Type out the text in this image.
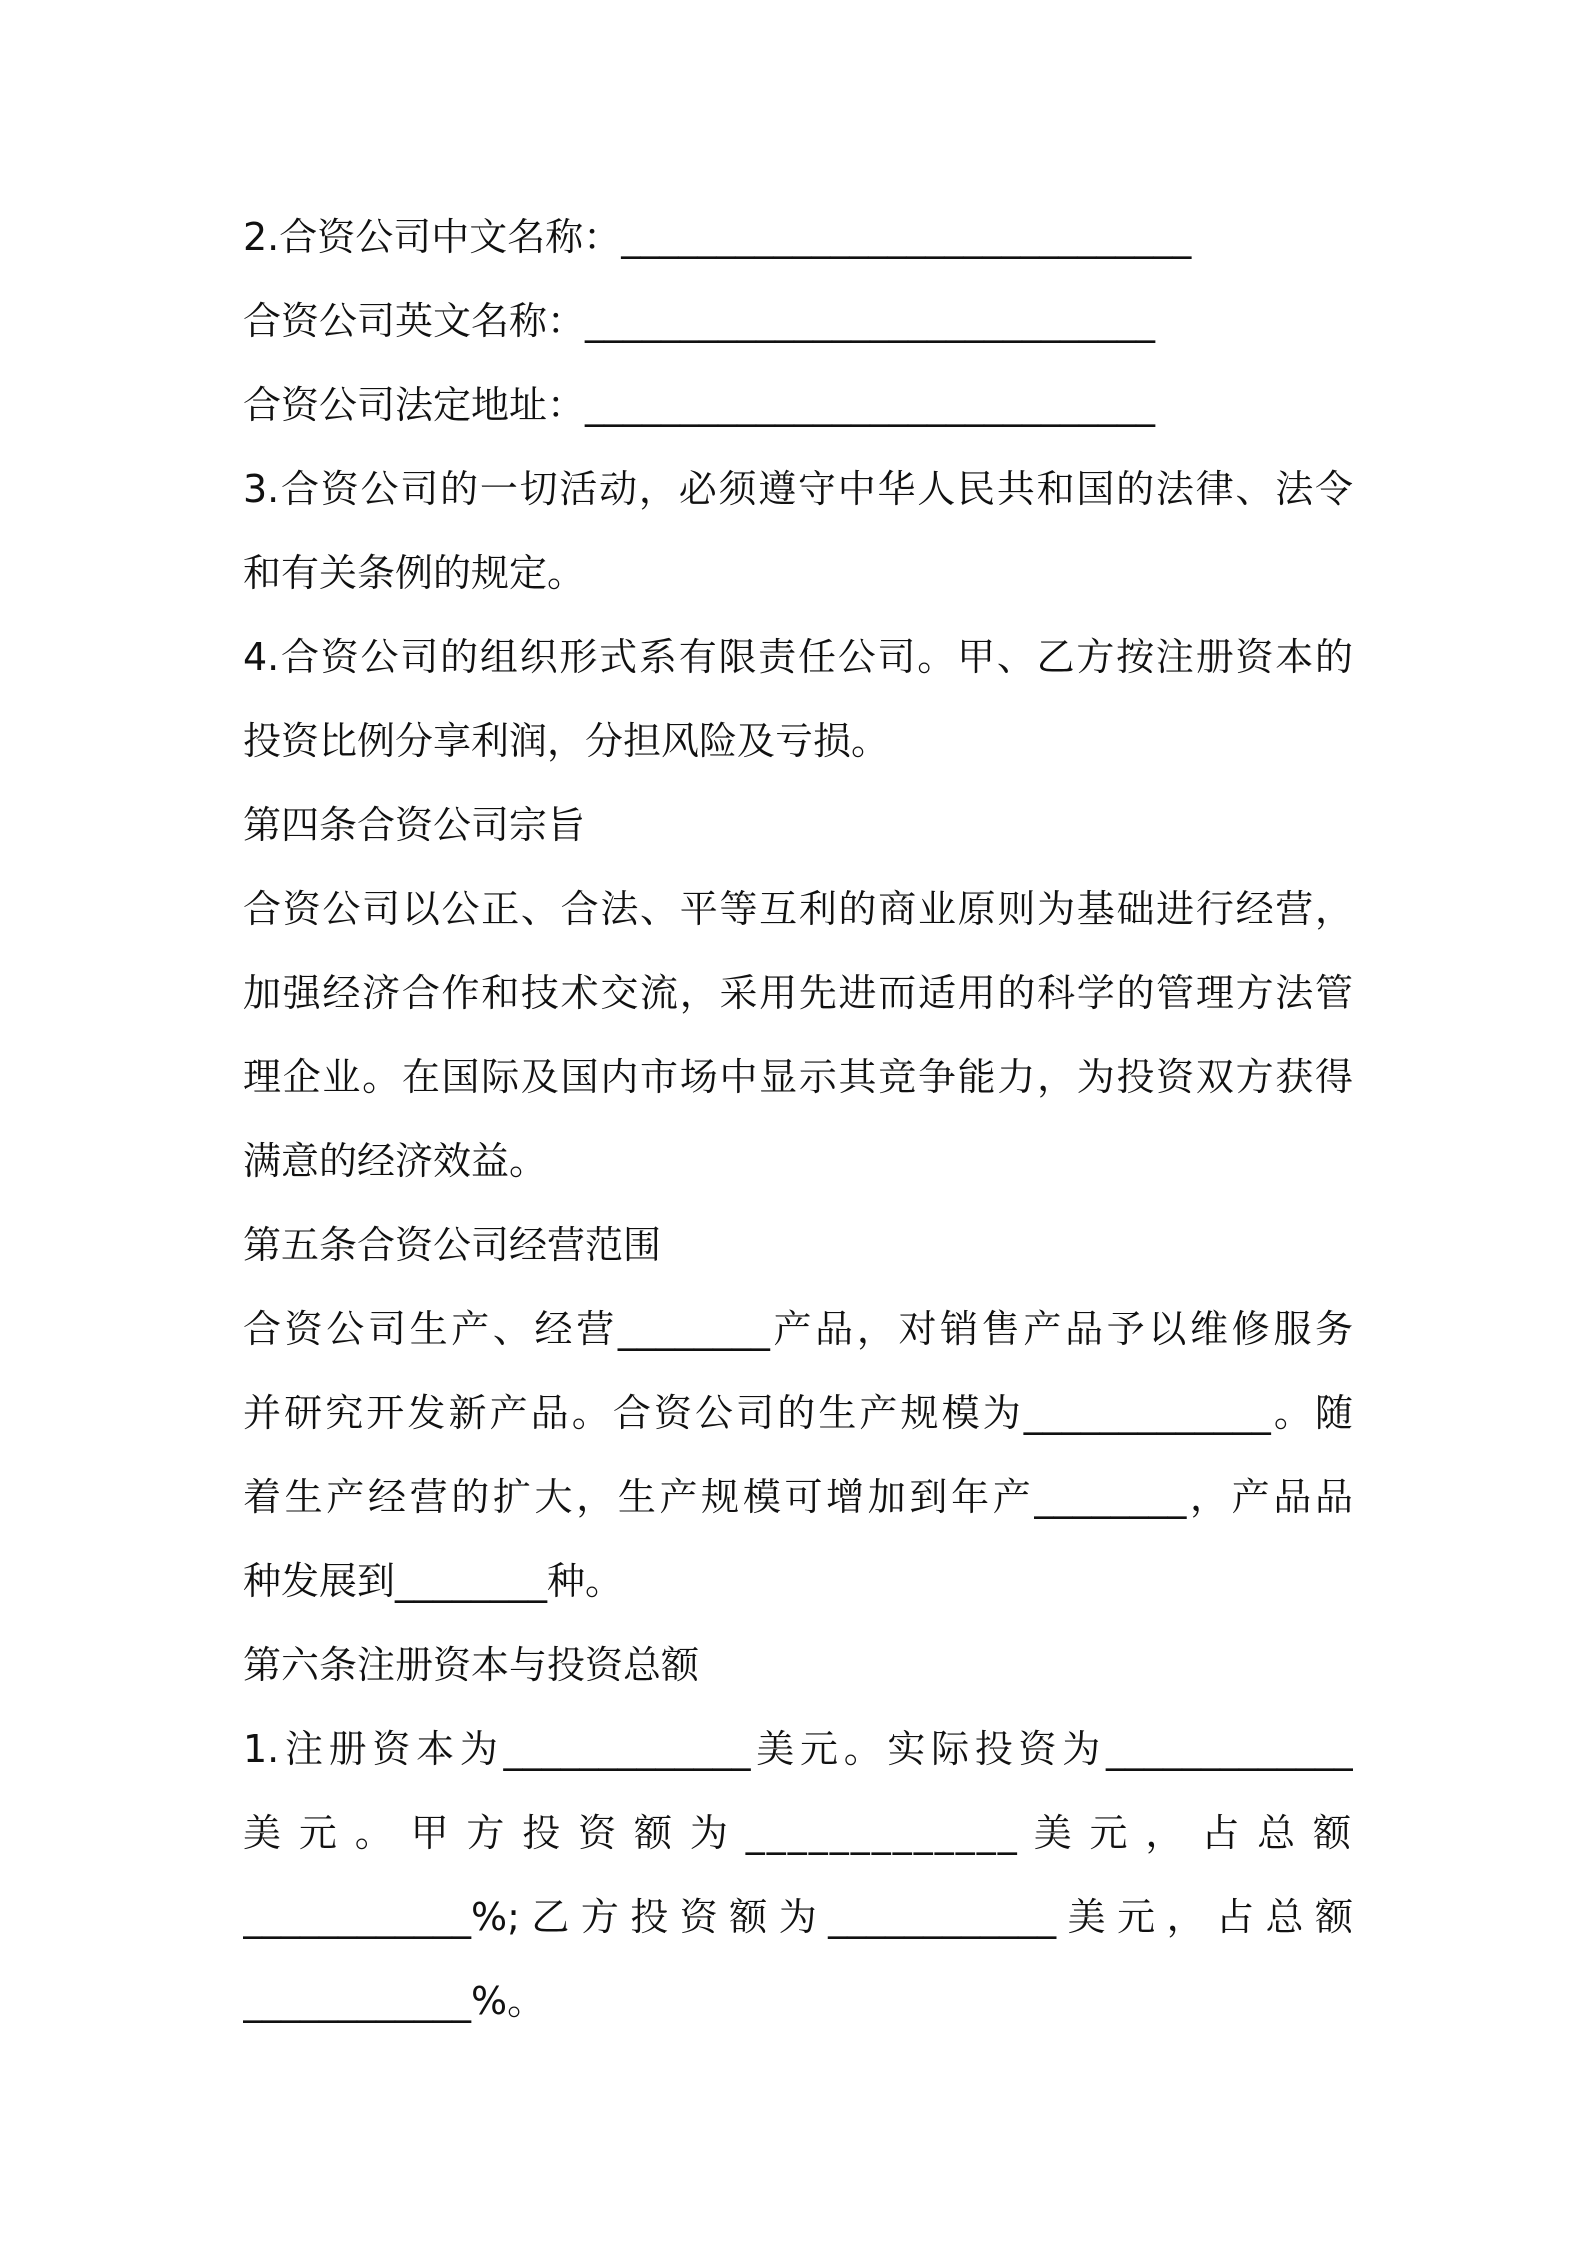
2.合资公司中文名称：______________________________
合资公司英文名称：______________________________
合资公司法定地址：______________________________
3.合资公司的一切活动，必须遵守中华人民共和国的法律、法令
和有关条例的规定。
4.合资公司的组织形式系有限责任公司。甲、乙方按注册资本的
投资比例分享利润，分担风险及亏损。
第四条合资公司宗旨
合资公司以公正、合法、平等互利的商业原则为基础进行经营，
加强经济合作和技术交流，采用先进而适用的科学的管理方法管
理企业。在国际及国内市场中显示其竞争能力，为投资双方获得
满意的经济效益。
第五条合资公司经营范围
合资公司生产、经营________产品，对销售产品予以维修服务
并研究开发新产品。合资公司的生产规模为_____________。随
着生产经营的扩大，生产规模可增加到年产________，产品品
种发展到________种。
第六条注册资本与投资总额
1.注册资本为_____________美元。实际投资为_____________
美 元 。 甲 方 投 资 额 为 _____________ 美 元 ， 占 总 额
____________%;乙方投资额为____________美元，占总额
____________%。
